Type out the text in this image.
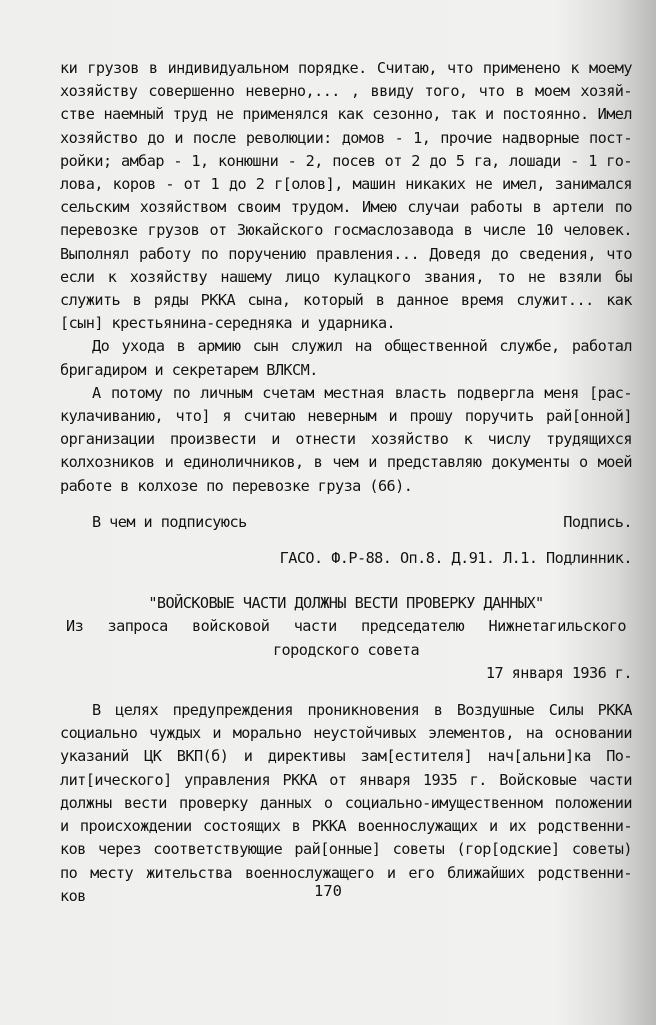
ки грузов в индивидуальном порядке. Считаю, что применено к моему
хозяйству совершенно неверно,... , ввиду того, что в моем хозяй-
стве наемный труд не применялся как сезонно, так и постоянно. Имел
хозяйство до и после революции: домов - 1, прочие надворные пост-
ройки; амбар - 1, конюшни - 2, посев от 2 до 5 га, лошади - 1 го-
лова, коров - от 1 до 2 г[олов], машин никаких не имел, занимался
сельским хозяйством своим трудом. Имею случаи работы в артели по
перевозке грузов от Зюкайского госмаслозавода в числе 10 человек.
Выполнял работу по поручению правления... Доведя до сведения, что
если к хозяйству нашему лицо кулацкого звания, то не взяли бы
служить в ряды РККА сына, который в данное время служит... как
[сын] крестьянина-середняка и ударника.

До ухода в армию сын служил на общественной службе, работал
бригадиром и секретарем ВЛКСМ.

А потому по личным счетам местная власть подвергла меня [рас-
кулачиванию, что] я считаю неверным и прошу поручить рай[онной]
организации произвести и отнести хозяйство к числу трудящихся
колхозников и единоличников, в чем и представляю документы о моей
работе в колхозе по перевозке груза (66).

В чем и подписуюсь	Подпись.
ГАСО. Ф.Р-88. Оп.8. Д.91. Л.1. Подлинник.
"ВОЙСКОВЫЕ ЧАСТИ ДОЛЖНЫ ВЕСТИ ПРОВЕРКУ ДАННЫХ"
Из запроса войсковой части председателю Нижнетагильского
городского совета
17 января 1936 г.

В целях предупреждения проникновения в Воздушные Силы РККА
социально чуждых и морально неустойчивых элементов, на основании
указаний ЦК ВКП(б) и директивы зам[естителя] нач[альни]ка По-
лит[ического] управления РККА от января 1935 г. Войсковые части
должны вести проверку данных о социально-имущественном положении
и происхождении состоящих в РККА военнослужащих и их родственни-
ков через соответствующие рай[онные] советы (гор[одские] советы)
по месту жительства военнослужащего и его ближайших родственни-
ков	170
